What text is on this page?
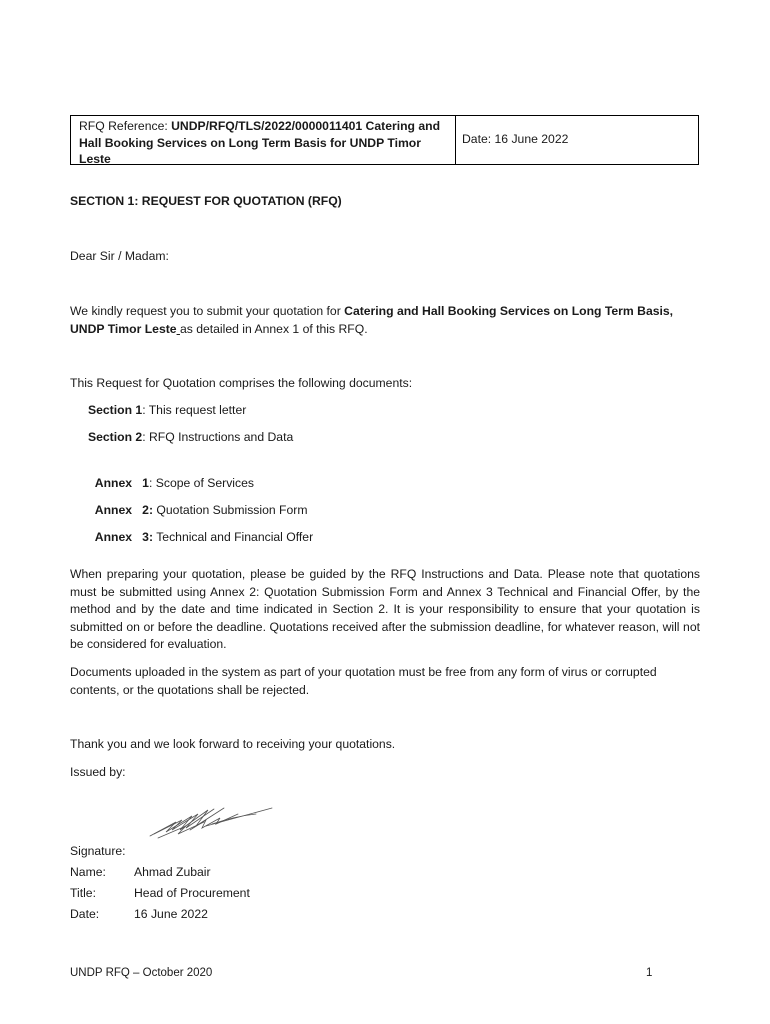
RFQ Reference: UNDP/RFQ/TLS/2022/0000011401 Catering and Hall Booking Services on Long Term Basis for UNDP Timor Leste
Date: 16 June 2022
SECTION 1: REQUEST FOR QUOTATION (RFQ)
Dear Sir / Madam:
We kindly request you to submit your quotation for Catering and Hall Booking Services on Long Term Basis, UNDP Timor Leste as detailed in Annex 1 of this RFQ.
This Request for Quotation comprises the following documents:
Section 1: This request letter
Section 2: RFQ Instructions and Data

Annex   1: Scope of Services

Annex   2: Quotation Submission Form

Annex   3: Technical and Financial Offer

When preparing your quotation, please be guided by the RFQ Instructions and Data. Please note that quotations must be submitted using Annex 2: Quotation Submission Form and Annex 3 Technical and Financial Offer, by the method and by the date and time indicated in Section 2. It is your responsibility to ensure that your quotation is submitted on or before the deadline. Quotations received after the submission deadline, for whatever reason, will not be considered for evaluation.
Documents uploaded in the system as part of your quotation must be free from any form of virus or corrupted contents, or the quotations shall be rejected.
Thank you and we look forward to receiving your quotations.
Issued by:
Signature:
Name:	Ahmad Zubair
Title:	Head of Procurement
Date:	16 June 2022
UNDP RFQ – October 2020	1
